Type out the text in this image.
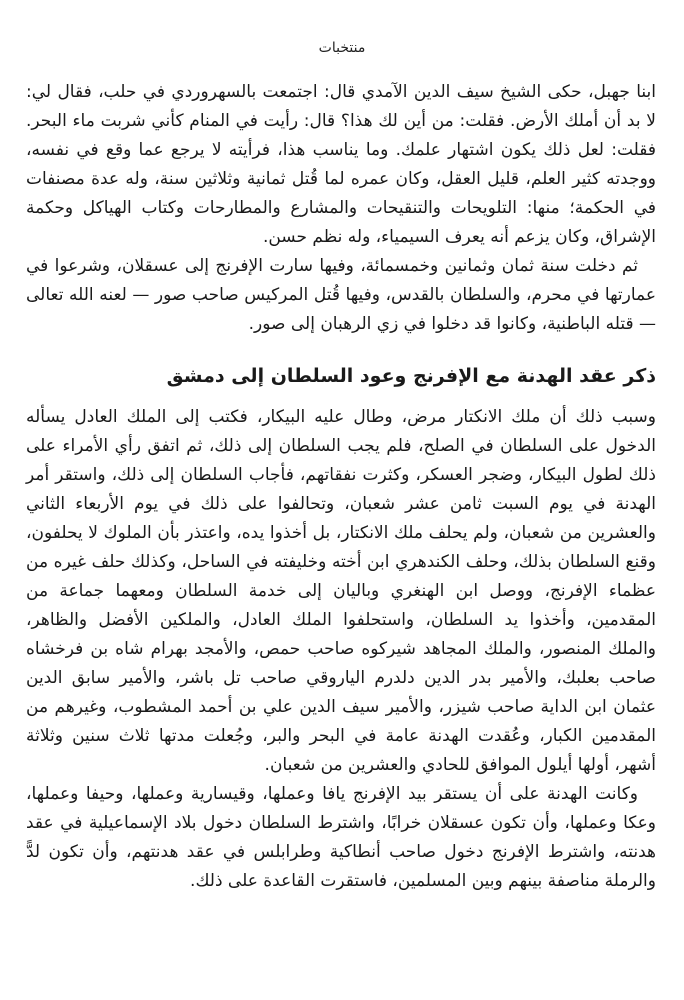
منتخبات

ابنا جهبل، حكى الشيخ سيف الدين الآمدي قال: اجتمعت بالسهروردي في حلب، فقال لي: لا بد أن أملك الأرض. فقلت: من أين لك هذا؟ قال: رأيت في المنام كأني شربت ماء البحر. فقلت: لعل ذلك يكون اشتهار علمك. وما يناسب هذا، فرأيته لا يرجع عما وقع في نفسه، ووجدته كثير العلم، قليل العقل، وكان عمره لما قُتل ثمانية وثلاثين سنة، وله عدة مصنفات في الحكمة؛ منها: التلويحات والتنقيحات والمشارع والمطارحات وكتاب الهياكل وحكمة الإشراق، وكان يزعم أنه يعرف السيمياء، وله نظم حسن.

ثم دخلت سنة ثمان وثمانين وخمسمائة، وفيها سارت الإفرنج إلى عسقلان، وشرعوا في عمارتها في محرم، والسلطان بالقدس، وفيها قُتل المركيس صاحب صور — لعنه الله تعالى — قتله الباطنية، وكانوا قد دخلوا في زي الرهبان إلى صور.

ذكر عقد الهدنة مع الإفرنج وعود السلطان إلى دمشق

وسبب ذلك أن ملك الانكتار مرض، وطال عليه البيكار، فكتب إلى الملك العادل يسأله الدخول على السلطان في الصلح، فلم يجب السلطان إلى ذلك، ثم اتفق رأي الأمراء على ذلك لطول البيكار، وضجر العسكر، وكثرت نفقاتهم، فأجاب السلطان إلى ذلك، واستقر أمر الهدنة في يوم السبت ثامن عشر شعبان، وتحالفوا على ذلك في يوم الأربعاء الثاني والعشرين من شعبان، ولم يحلف ملك الانكتار، بل أخذوا يده، واعتذر بأن الملوك لا يحلفون، وقنع السلطان بذلك، وحلف الكندهري ابن أخته وخليفته في الساحل، وكذلك حلف غيره من عظماء الإفرنج، ووصل ابن الهنغري وباليان إلى خدمة السلطان ومعهما جماعة من المقدمين، وأخذوا يد السلطان، واستحلفوا الملك العادل، والملكين الأفضل والظاهر، والملك المنصور، والملك المجاهد شيركوه صاحب حمص، والأمجد بهرام شاه بن فرخشاه صاحب بعلبك، والأمير بدر الدين دلدرم الياروقي صاحب تل باشر، والأمير سابق الدين عثمان ابن الداية صاحب شيزر، والأمير سيف الدين علي بن أحمد المشطوب، وغيرهم من المقدمين الكبار، وعُقدت الهدنة عامة في البحر والبر، وجُعلت مدتها ثلاث سنين وثلاثة أشهر، أولها أيلول الموافق للحادي والعشرين من شعبان.

وكانت الهدنة على أن يستقر بيد الإفرنج يافا وعملها، وقيسارية وعملها، وحيفا وعملها، وعكا وعملها، وأن تكون عسقلان خرابًا، واشترط السلطان دخول بلاد الإسماعيلية في عقد هدنته، واشترط الإفرنج دخول صاحب أنطاكية وطرابلس في عقد هدنتهم، وأن تكون لدًّ والرملة مناصفة بينهم وبين المسلمين، فاستقرت القاعدة على ذلك.
